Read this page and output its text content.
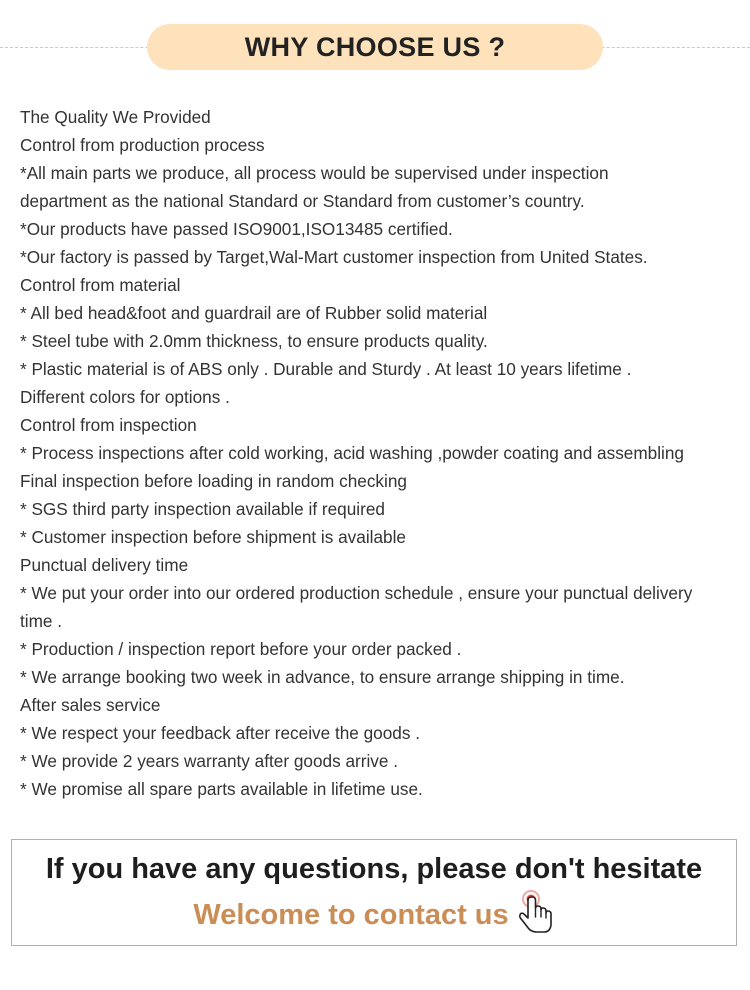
WHY CHOOSE US ?
The Quality We Provided
Control from production process
*All main parts we produce, all process would be supervised under inspection
department as the national Standard or Standard from customer’s country.
*Our products have passed ISO9001,ISO13485 certified.
*Our factory is passed by Target,Wal-Mart customer inspection from United States.
Control from material
* All bed head&foot and guardrail are of Rubber solid material
* Steel tube with 2.0mm thickness, to ensure products quality.
* Plastic material is of ABS only . Durable and Sturdy . At least 10 years lifetime .
Different colors for options .
Control from inspection
* Process inspections after cold working, acid washing ,powder coating and assembling
Final inspection before loading in random checking
* SGS third party inspection available if required
* Customer inspection before shipment is available
Punctual delivery time
* We put your order into our ordered production schedule , ensure your punctual delivery
time .
* Production / inspection report before your order packed .
* We arrange booking two week in advance, to ensure arrange shipping in time.
After sales service
* We respect your feedback after receive the goods .
* We provide 2 years warranty after goods arrive .
* We promise all spare parts available in lifetime use.
If you have any questions, please don't hesitate
Welcome to contact us
